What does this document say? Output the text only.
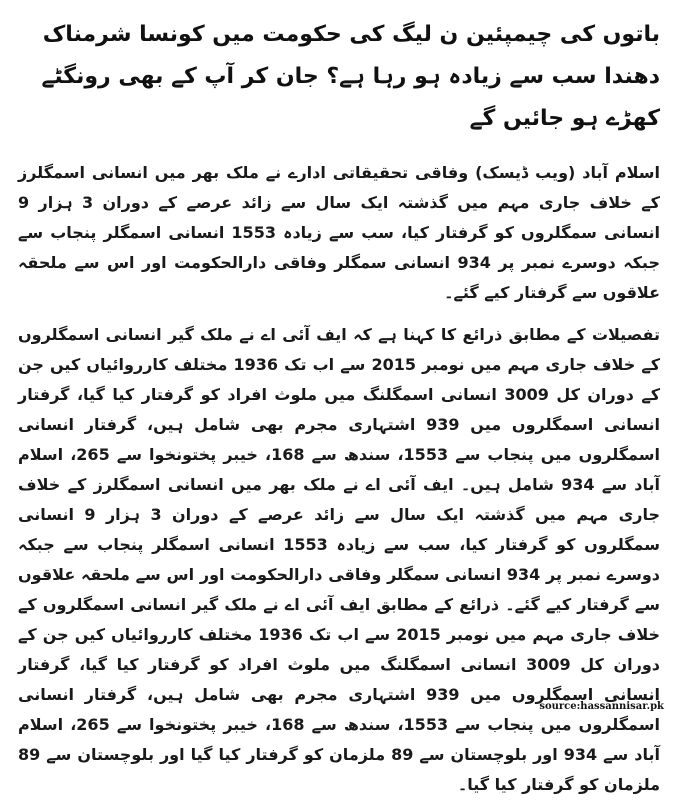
باتوں کی چیمپئین ن لیگ کی حکومت میں کونسا شرمناک دھندا سب سے زیادہ ہو رہا ہے؟ جان کر آپ کے بھی رونگٹے کھڑے ہو جائیں گے

اسلام آباد (ویب ڈیسک) وفاقی تحقیقاتی ادارے نے ملک بھر میں انسانی اسمگلرز کے خلاف جاری مہم میں گذشتہ ایک سال سے زائد عرصے کے دوران 3 ہزار 9 انسانی سمگلروں کو گرفتار کیا، سب سے زیادہ 1553 انسانی اسمگلر پنجاب سے جبکہ دوسرے نمبر پر 934 انسانی سمگلر وفاقی دارالحکومت اور اس سے ملحقہ علاقوں سے گرفتار کیے گئے۔

تفصیلات کے مطابق ذرائع کا کہنا ہے کہ ایف آئی اے نے ملک گیر انسانی اسمگلروں کے خلاف جاری مہم میں نومبر 2015 سے اب تک 1936 مختلف کارروائیاں کیں جن کے دوران کل 3009 انسانی اسمگلنگ میں ملوث افراد کو گرفتار کیا گیا، گرفتار انسانی اسمگلروں میں 939 اشتہاری مجرم بھی شامل ہیں، گرفتار انسانی اسمگلروں میں پنجاب سے 1553، سندھ سے 168، خیبر پختونخوا سے 265، اسلام آباد سے 934 شامل ہیں۔ ایف آئی اے نے ملک بھر میں انسانی اسمگلرز کے خلاف جاری مہم میں گذشتہ ایک سال سے زائد عرصے کے دوران 3 ہزار 9 انسانی سمگلروں کو گرفتار کیا، سب سے زیادہ 1553 انسانی اسمگلر پنجاب سے جبکہ دوسرے نمبر پر 934 انسانی سمگلر وفاقی دارالحکومت اور اس سے ملحقہ علاقوں سے گرفتار کیے گئے۔ ذرائع کے مطابق ایف آئی اے نے ملک گیر انسانی اسمگلروں کے خلاف جاری مہم میں نومبر 2015 سے اب تک 1936 مختلف کارروائیاں کیں جن کے دوران کل 3009 انسانی اسمگلنگ میں ملوث افراد کو گرفتار کیا گیا، گرفتار انسانی اسمگلروں میں 939 اشتہاری مجرم بھی شامل ہیں، گرفتار انسانی اسمگلروں میں پنجاب سے 1553، سندھ سے 168، خیبر پختونخوا سے 265، اسلام آباد سے 934 اور بلوچستان سے 89 ملزمان کو گرفتار کیا گیا اور بلوچستان سے 89 ملزمان کو گرفتار کیا گیا۔

source:hassannisar.pk
